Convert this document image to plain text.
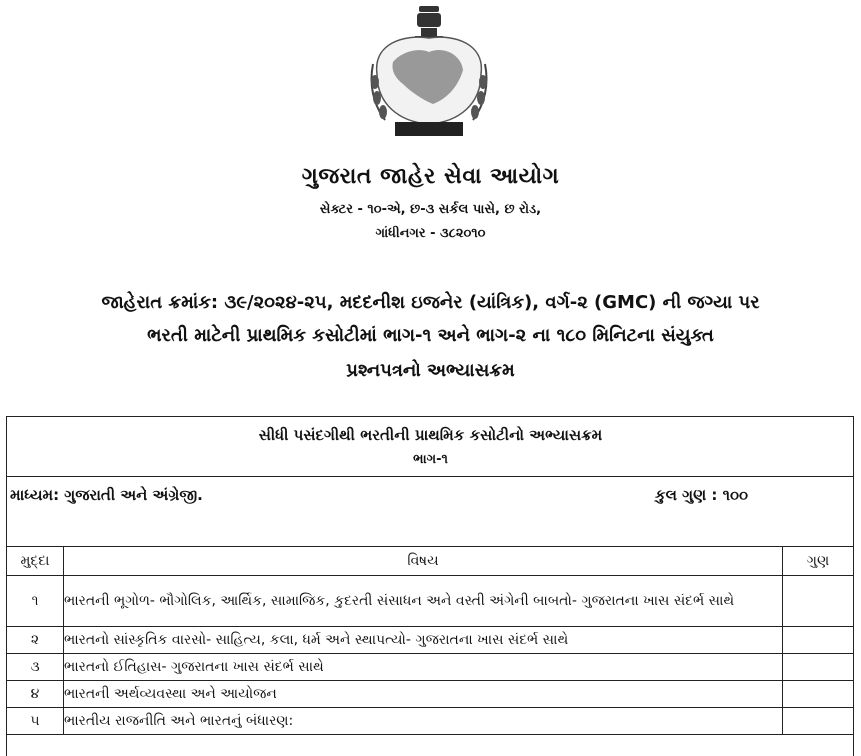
ગુજરાત જાહેર સેવા આયોગ
સેક્ટર - ૧૦-એ, છ-૩ સર્કલ પાસે, છ રોડ,
ગાંધીનગર - ૩૮૨૦૧૦
જાહેરાત ક્રમાંક: ૩૯/૨૦૨૪-૨૫, મદદનીશ ઇજનેર (યાંત્રિક), વર્ગ-૨ (GMC) ની જગ્યા પર
ભરતી માટેની પ્રાથમિક કસોટીમાં ભાગ-૧ અને ભાગ-૨ ના ૧૮૦ મિનિટના સંયુક્ત
પ્રશ્નપત્રનો અભ્યાસક્રમ
સીધી પસંદગીથી ભરતીની પ્રાથમિક કસોટીનો અભ્યાસક્રમ
ભાગ-૧
માધ્યમ: ગુજરાતી અને અંગ્રેજી.	કુલ ગુણ : ૧૦૦
મુદ્દા	વિષય	ગુણ
૧	ભારતની ભૂગોળ- ભૌગોલિક, આર્થિક, સામાજિક, કુદરતી સંસાધન અને વસ્તી અંગેની બાબતો- ગુજરાતના ખાસ સંદર્ભ સાથે	
૨	ભારતનો સાંસ્કૃતિક વારસો- સાહિત્ય, કલા, ધર્મ અને સ્થાપત્યો- ગુજરાતના ખાસ સંદર્ભ સાથે	
૩	ભારતનો ઈતિહાસ- ગુજરાતના ખાસ સંદર્ભ સાથે	
૪	ભારતની અર્થવ્યવસ્થા અને આયોજન	
૫	ભારતીય રાજનીતિ અને ભારતનું બંધારણ:	
